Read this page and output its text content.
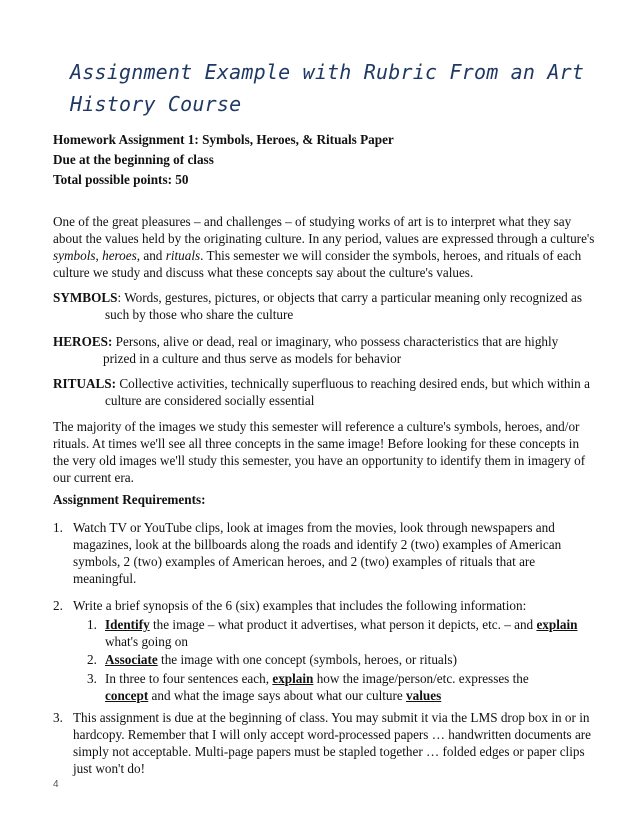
Assignment Example with Rubric From an Art History Course
Homework Assignment 1: Symbols, Heroes, & Rituals Paper
Due at the beginning of class
Total possible points: 50
One of the great pleasures – and challenges – of studying works of art is to interpret what they say about the values held by the originating culture. In any period, values are expressed through a culture's symbols, heroes, and rituals. This semester we will consider the symbols, heroes, and rituals of each culture we study and discuss what these concepts say about the culture's values.
SYMBOLS: Words, gestures, pictures, or objects that carry a particular meaning only recognized as
such by those who share the culture
HEROES: Persons, alive or dead, real or imaginary, who possess characteristics that are highly
prized in a culture and thus serve as models for behavior
RITUALS: Collective activities, technically superfluous to reaching desired ends, but which within a
culture are considered socially essential
The majority of the images we study this semester will reference a culture's symbols, heroes, and/or rituals. At times we'll see all three concepts in the same image! Before looking for these concepts in the very old images we'll study this semester, you have an opportunity to identify them in imagery of our current era.
Assignment Requirements:
1. Watch TV or YouTube clips, look at images from the movies, look through newspapers and magazines, look at the billboards along the roads and identify 2 (two) examples of American symbols, 2 (two) examples of American heroes, and 2 (two) examples of rituals that are meaningful.
2. Write a brief synopsis of the 6 (six) examples that includes the following information:
1. Identify the image – what product it advertises, what person it depicts, etc. – and explain
what's going on
2. Associate the image with one concept (symbols, heroes, or rituals)
3. In three to four sentences each, explain how the image/person/etc. expresses the
concept and what the image says about what our culture values
3. This assignment is due at the beginning of class. You may submit it via the LMS drop box in or in hardcopy. Remember that I will only accept word-processed papers … handwritten documents are simply not acceptable. Multi-page papers must be stapled together … folded edges or paper clips just won't do!
4
